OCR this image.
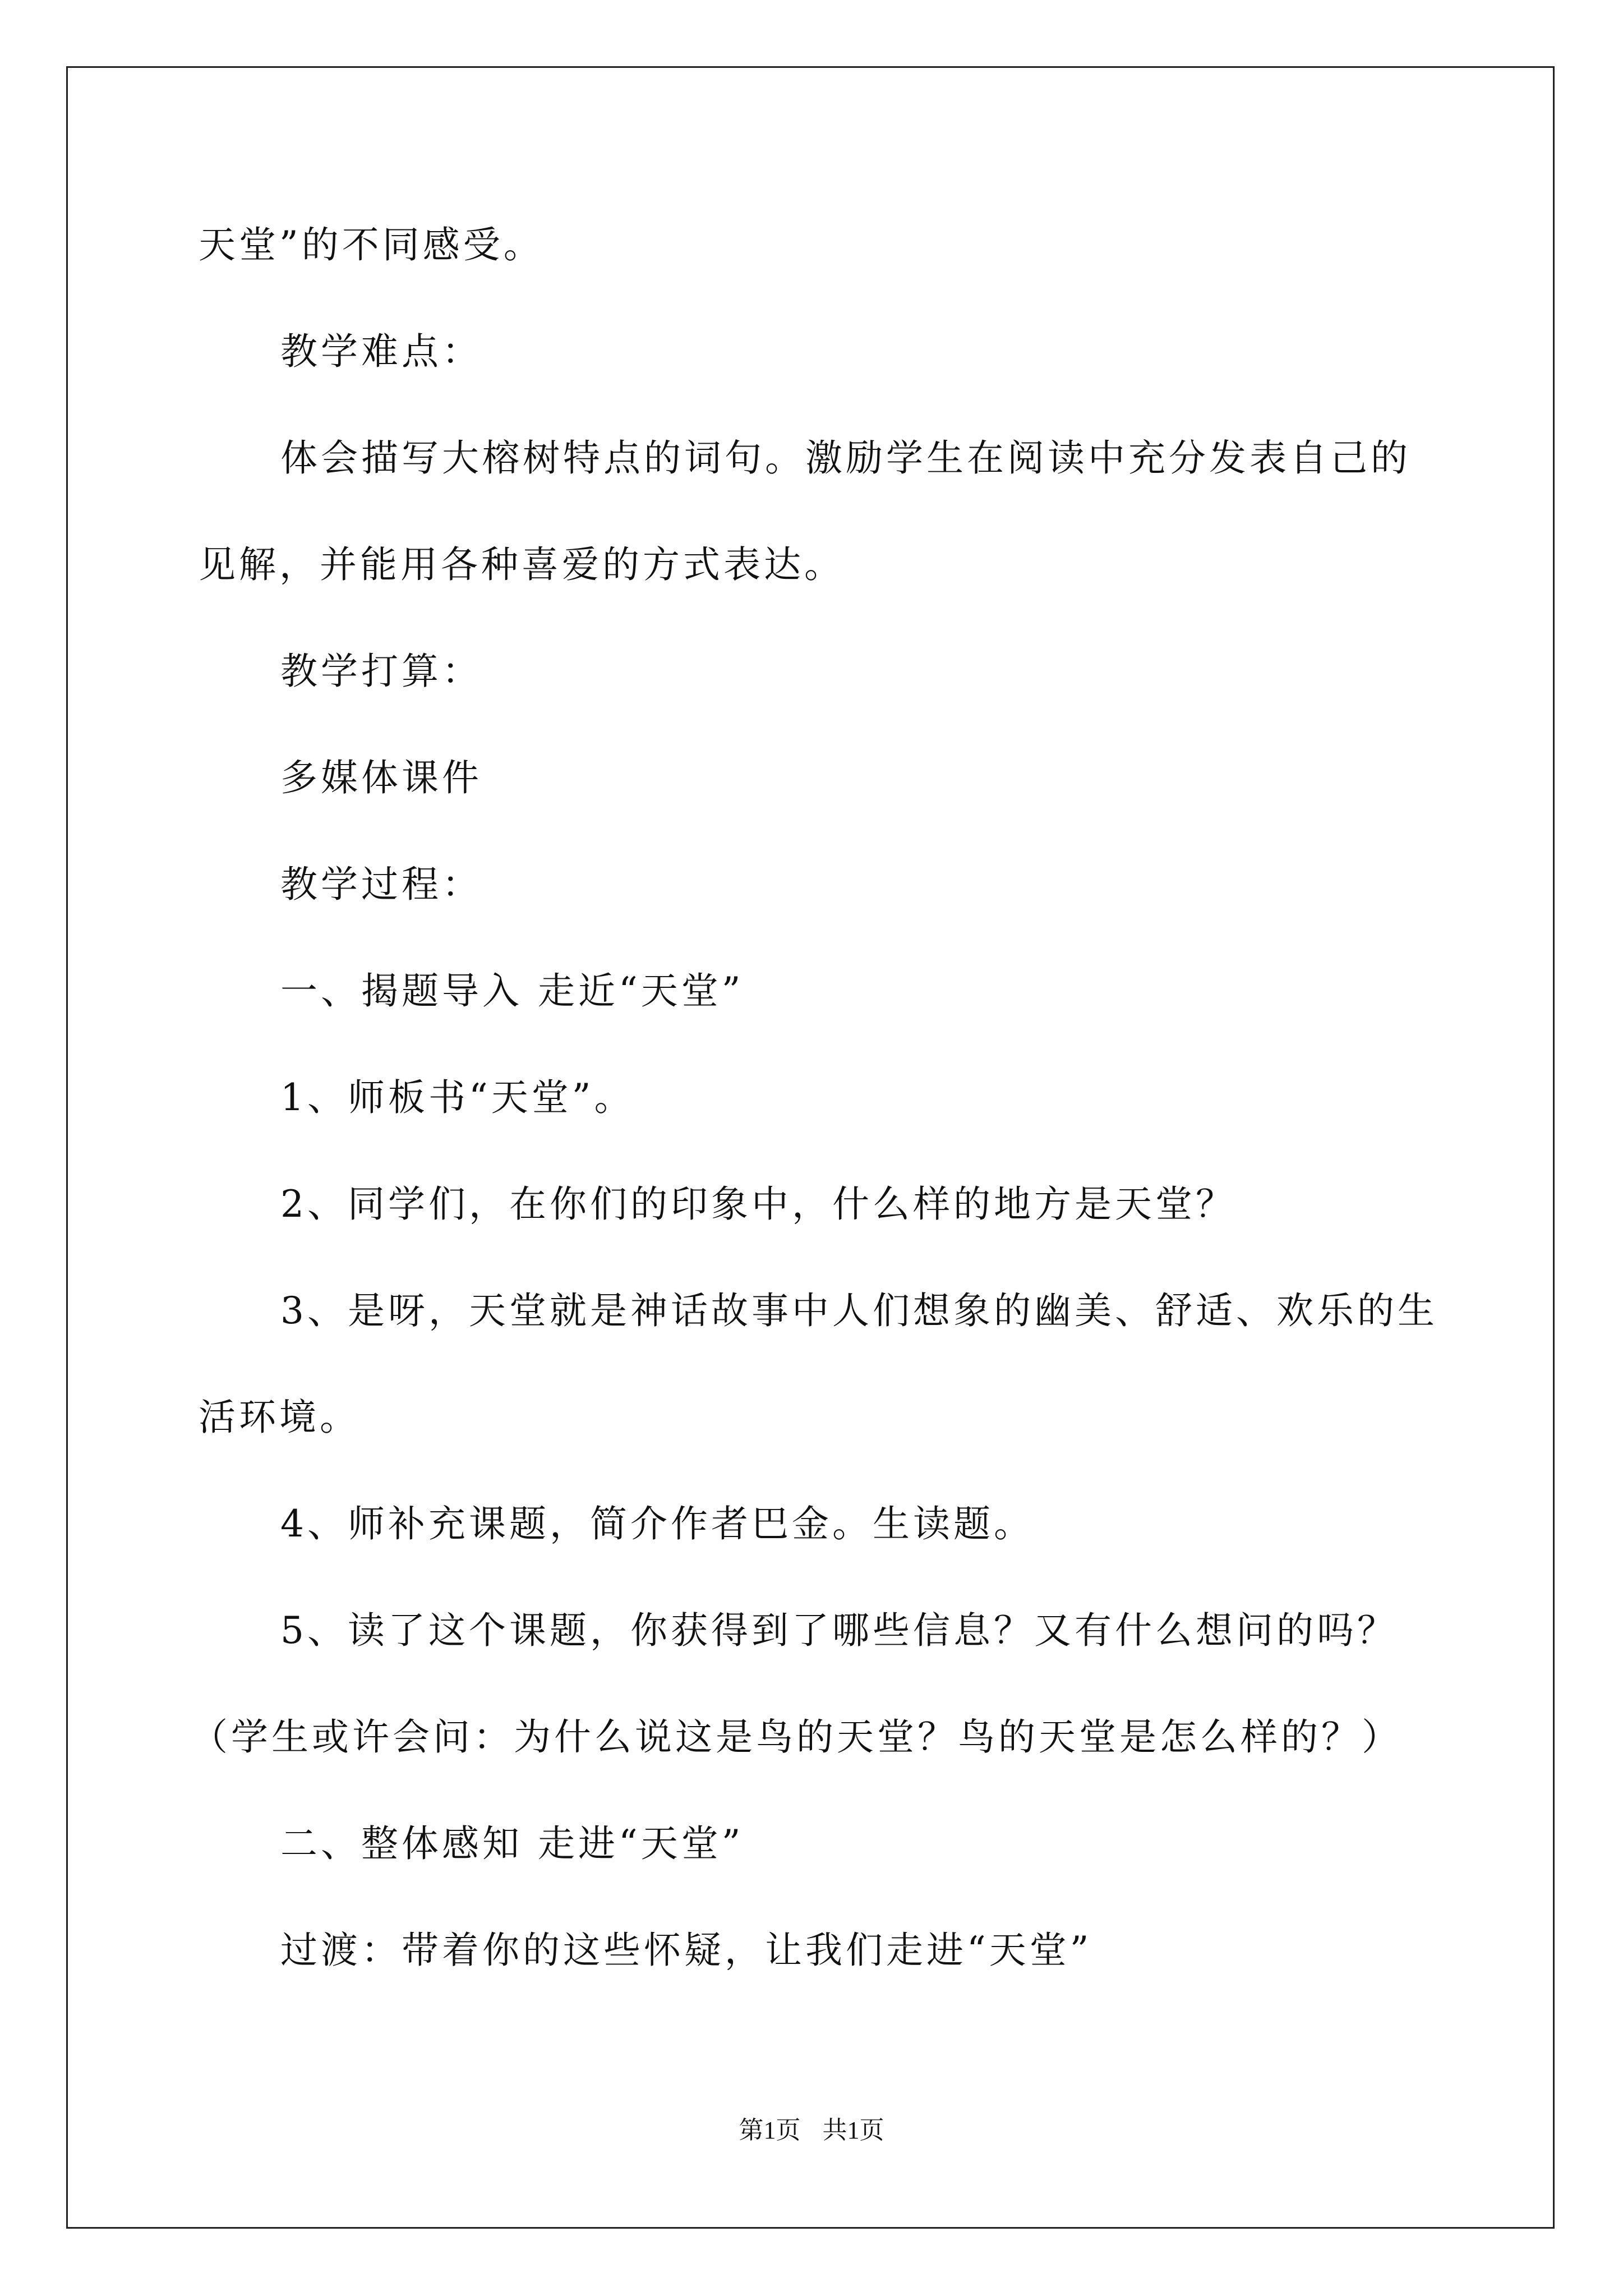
天堂”的不同感受。
教学难点：
体会描写大榕树特点的词句。激励学生在阅读中充分发表自己的
见解，并能用各种喜爱的方式表达。
教学打算：
多媒体课件
教学过程：
一、揭题导入 走近“天堂”
1、师板书“天堂”。
2、同学们，在你们的印象中，什么样的地方是天堂？
3、是呀，天堂就是神话故事中人们想象的幽美、舒适、欢乐的生
活环境。
4、师补充课题，简介作者巴金。生读题。
5、读了这个课题，你获得到了哪些信息？又有什么想问的吗？
（学生或许会问：为什么说这是鸟的天堂？鸟的天堂是怎么样的？）
二、整体感知 走进“天堂”
过渡：带着你的这些怀疑，让我们走进“天堂”
第1页 共1页
